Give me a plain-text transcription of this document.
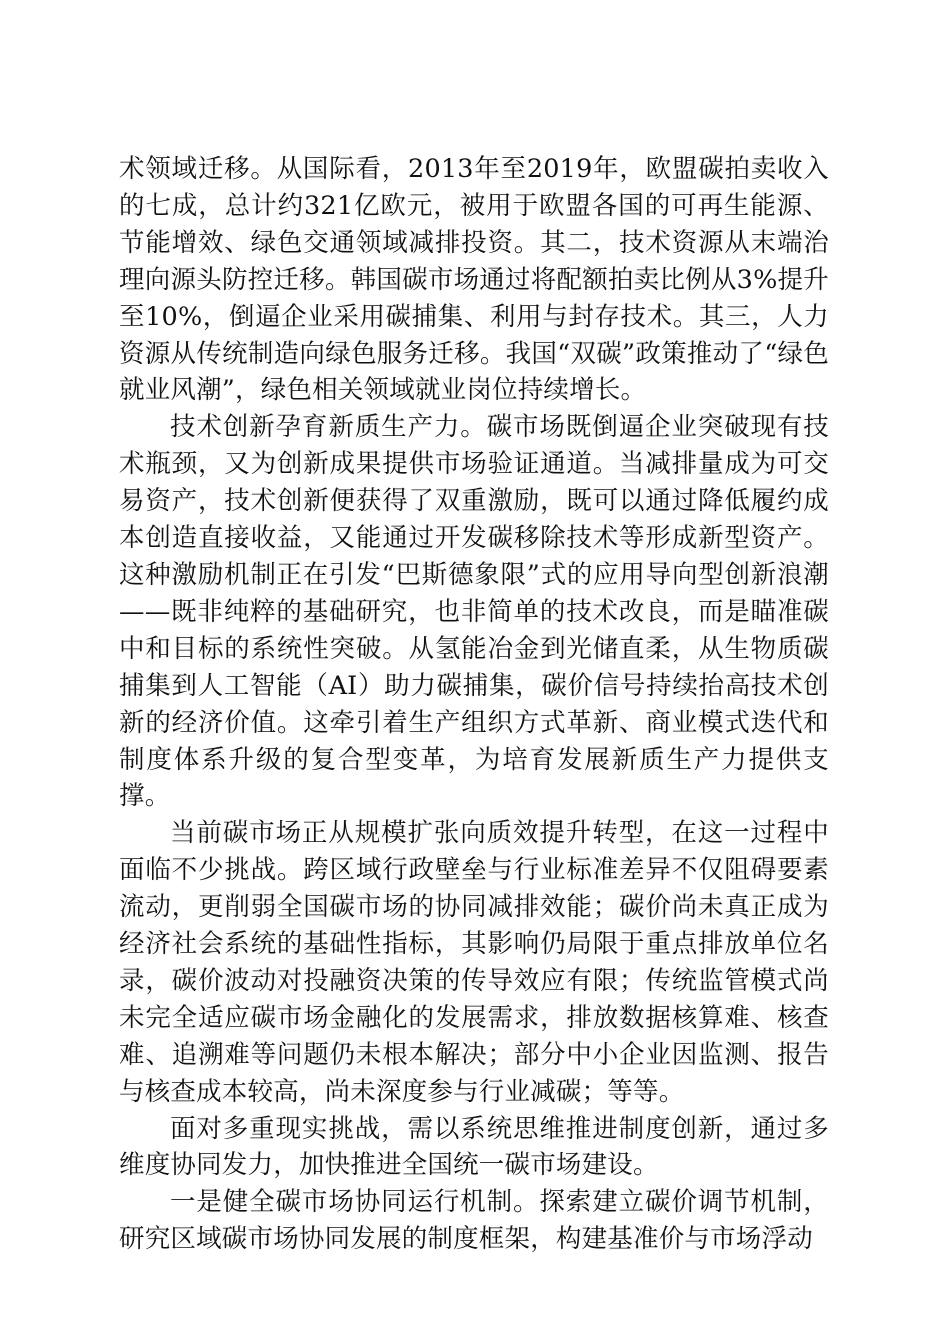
术领域迁移。从国际看，2013年至2019年，欧盟碳拍卖收入的七成，总计约321亿欧元，被用于欧盟各国的可再生能源、节能增效、绿色交通领域减排投资。其二，技术资源从末端治理向源头防控迁移。韩国碳市场通过将配额拍卖比例从3%提升至10%，倒逼企业采用碳捕集、利用与封存技术。其三，人力资源从传统制造向绿色服务迁移。我国“双碳”政策推动了“绿色就业风潮”，绿色相关领域就业岗位持续增长。

技术创新孕育新质生产力。碳市场既倒逼企业突破现有技术瓶颈，又为创新成果提供市场验证通道。当减排量成为可交易资产，技术创新便获得了双重激励，既可以通过降低履约成本创造直接收益，又能通过开发碳移除技术等形成新型资产。这种激励机制正在引发“巴斯德象限”式的应用导向型创新浪潮——既非纯粹的基础研究，也非简单的技术改良，而是瞄准碳中和目标的系统性突破。从氢能冶金到光储直柔，从生物质碳捕集到人工智能（AI）助力碳捕集，碳价信号持续抬高技术创新的经济价值。这牵引着生产组织方式革新、商业模式迭代和制度体系升级的复合型变革，为培育发展新质生产力提供支撑。

当前碳市场正从规模扩张向质效提升转型，在这一过程中面临不少挑战。跨区域行政壁垒与行业标准差异不仅阻碍要素流动，更削弱全国碳市场的协同减排效能；碳价尚未真正成为经济社会系统的基础性指标，其影响仍局限于重点排放单位名录，碳价波动对投融资决策的传导效应有限；传统监管模式尚未完全适应碳市场金融化的发展需求，排放数据核算难、核查难、追溯难等问题仍未根本解决；部分中小企业因监测、报告与核查成本较高，尚未深度参与行业减碳；等等。

面对多重现实挑战，需以系统思维推进制度创新，通过多维度协同发力，加快推进全国统一碳市场建设。

一是健全碳市场协同运行机制。探索建立碳价调节机制，研究区域碳市场协同发展的制度框架，构建基准价与市场浮动
